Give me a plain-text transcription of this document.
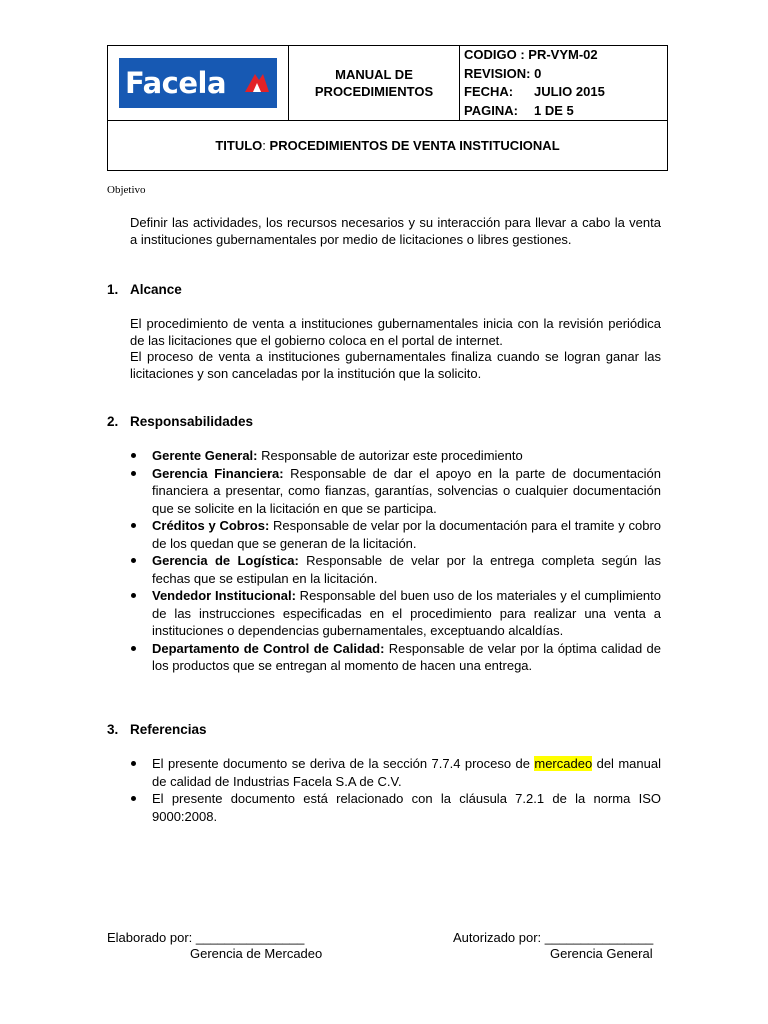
Facela	MANUAL DE PROCEDIMIENTOS	
CODIGO :
PR-VYM-02
REVISION:
0
FECHA:	JULIO 2015
PAGINA:	1 DE 5

TITULO: PROCEDIMIENTOS DE VENTA INSTITUCIONAL
Objetivo
Definir las actividades, los recursos necesarios y su interacción para llevar a cabo la venta a instituciones gubernamentales por medio de licitaciones o libres gestiones.
1. Alcance
El procedimiento de venta a instituciones gubernamentales inicia con la revisión periódica de las licitaciones que el gobierno coloca en el portal de internet.
El proceso de venta a instituciones gubernamentales finaliza cuando se logran ganar las licitaciones y son canceladas por la institución que la solicito.
2. Responsabilidades
Gerente General: Responsable de autorizar este procedimiento
Gerencia Financiera: Responsable de dar el apoyo en la parte de documentación financiera a presentar, como fianzas, garantías, solvencias o cualquier documentación que se solicite en la licitación en que se participa.
Créditos y Cobros: Responsable de velar por la documentación para el tramite y cobro de los quedan que se generan de la licitación.
Gerencia de Logística: Responsable de velar por la entrega completa según las fechas que se estipulan en la licitación.
Vendedor Institucional: Responsable del buen uso de los materiales y el cumplimiento de las instrucciones especificadas en el procedimiento para realizar una venta a instituciones o dependencias gubernamentales, exceptuando alcaldías.
Departamento de Control de Calidad: Responsable de velar por la óptima calidad de los productos que se entregan al momento de hacen una entrega.
3. Referencias
El presente documento se deriva de la sección 7.7.4 proceso de mercadeo del manual de calidad de Industrias Facela S.A de C.V.
El presente documento está relacionado con la cláusula 7.2.1 de la norma ISO 9000:2008.
Elaborado por: _______________
Gerencia de Mercadeo
Autorizado por: _______________
Gerencia General
